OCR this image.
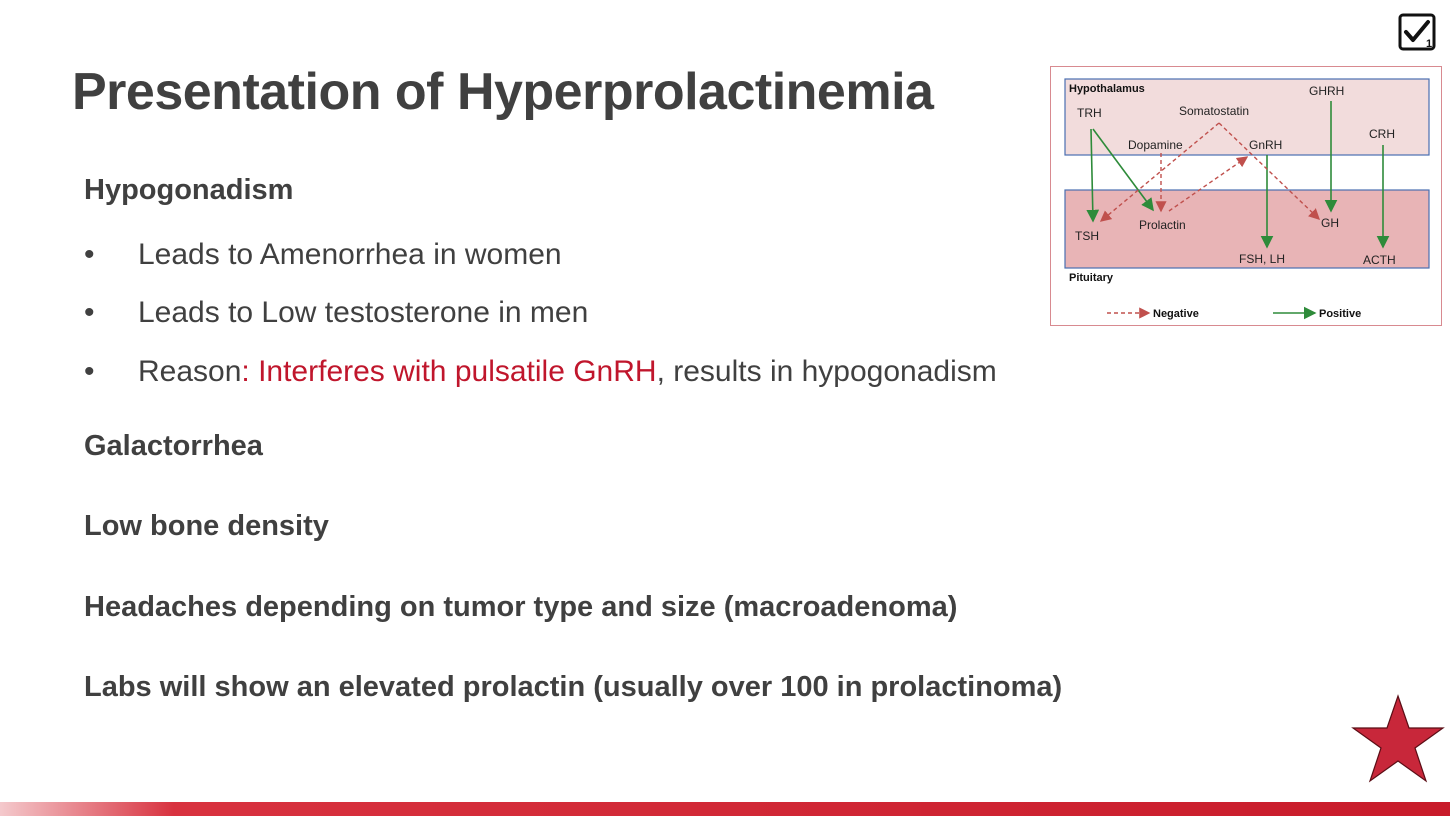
1
Presentation of Hyperprolactinemia
Hypogonadism
•	Leads to Amenorrhea in women
•	Leads to Low testosterone in men
•	Reason: Interferes with pulsatile GnRH, results in hypogonadism
Galactorrhea
Low bone density
Headaches depending on tumor type and size (macroadenoma)
Labs will show an elevated prolactin (usually over 100 in prolactinoma)
Hypothalamus
Pituitary
TRH	Somatostatin
GHRH
CRH
Dopamine	GnRH
TSH
Prolactin	GH
FSH, LH	ACTH
Negative	Positive
